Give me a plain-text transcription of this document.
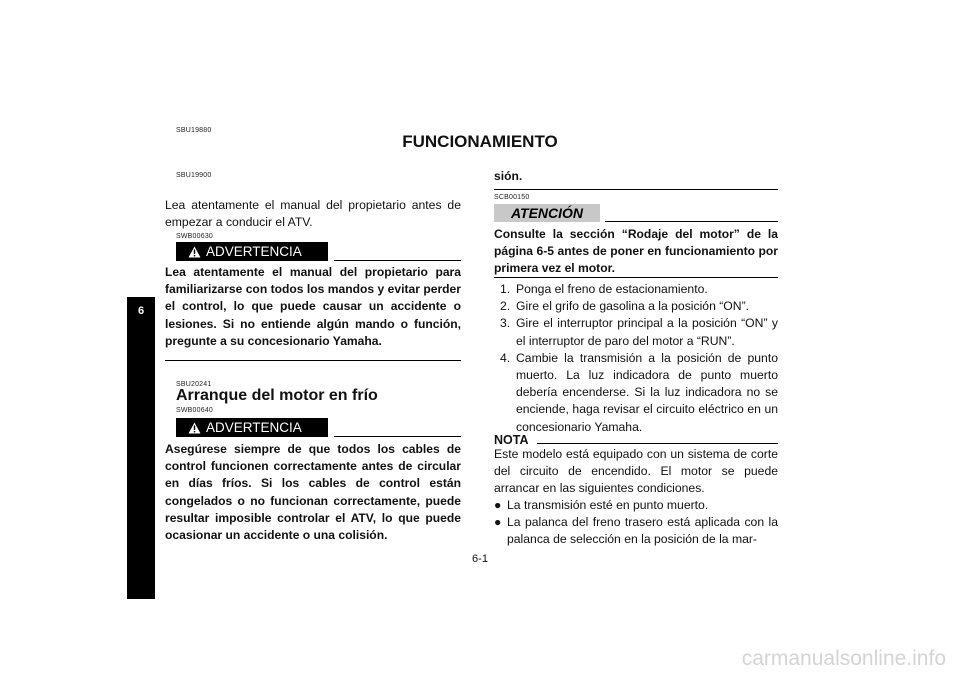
SBU19880
FUNCIONAMIENTO
6
SBU19900
Lea atentamente el manual del propietario antes de empezar a conducir el ATV.
SWB00630
ADVERTENCIA
Lea atentamente el manual del propietario para familiarizarse con todos los mandos y evitar perder el control, lo que puede causar un accidente o lesiones. Si no entiende algún mando o función, pregunte a su concesionario Yamaha.
SBU20241
Arranque del motor en frío
SWB00640
ADVERTENCIA
Asegúrese siempre de que todos los cables de control funcionen correctamente antes de circular en días fríos. Si los cables de control están congelados o no funcionan correctamente, puede resultar imposible controlar el ATV, lo que puede ocasionar un accidente o una colisión.
sión.
SCB00150
ATENCIÓN
Consulte la sección “Rodaje del motor” de la página 6-5 antes de poner en funcionamiento por primera vez el motor.
1. Ponga el freno de estacionamiento.
2. Gire el grifo de gasolina a la posición “ON”.
3. Gire el interruptor principal a la posición “ON” y el interruptor de paro del motor a “RUN”.
4. Cambie la transmisión a la posición de punto muerto. La luz indicadora de punto muerto debería encenderse. Si la luz indicadora no se enciende, haga revisar el circuito eléctrico en un concesionario Yamaha.
NOTA
Este modelo está equipado con un sistema de corte del circuito de encendido. El motor se puede arrancar en las siguientes condiciones.
● La transmisión esté en punto muerto.
● La palanca del freno trasero está aplicada con la palanca de selección en la posición de la mar-
6-1
carmanualsonline.info
